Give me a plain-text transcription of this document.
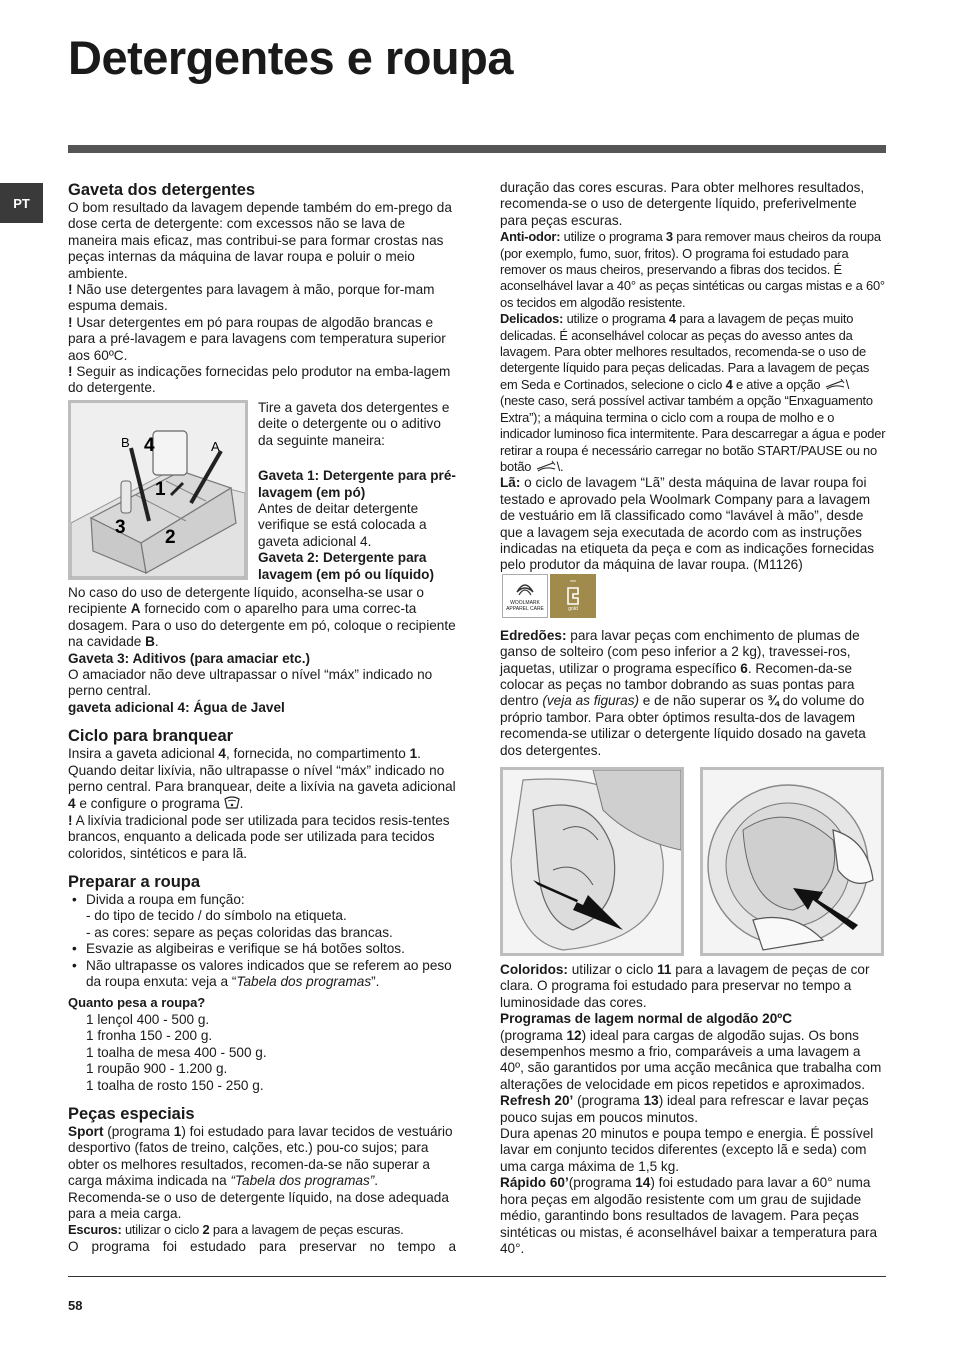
Detergentes e roupa
PT
Gaveta dos detergentes

O bom resultado da lavagem depende também do em-prego da dose certa de detergente: com excessos não se lava de maneira mais eficaz, mas contribui-se para formar crostas nas peças internas da máquina de lavar roupa e poluir o meio ambiente.

! Não use detergentes para lavagem à mão, porque for-mam espuma demais.

! Usar detergentes em pó para roupas de algodão brancas e para a pré-lavagem e para lavagens com temperatura superior aos 60ºC.

! Seguir as indicações fornecidas pelo produtor na emba-lagem do detergente.

B	A
4
1
3 2

Tire a gaveta dos detergentes e deite o detergente ou o aditivo da seguinte maneira:

Gaveta 1: Detergente para pré-lavagem (em pó)

Antes de deitar detergente verifique se está colocada a gaveta adicional 4.

Gaveta 2: Detergente para lavagem (em pó ou líquido)

No caso do uso de detergente líquido, aconselha-se usar o recipiente A fornecido com o aparelho para uma correc-ta dosagem. Para o uso do detergente em pó, coloque o recipiente na cavidade B.

Gaveta 3: Aditivos (para amaciar etc.)

O amaciador não deve ultrapassar o nível “máx” indicado no perno central.

gaveta adicional 4: Água de Javel

Ciclo para branquear

Insira a gaveta adicional 4, fornecida, no compartimento 1. Quando deitar lixívia, não ultrapasse o nível “máx” indicado no perno central. Para branquear, deite a lixívia na gaveta adicional 4 e configure o programa .

! A lixívia tradicional pode ser utilizada para tecidos resis-tentes brancos, enquanto a delicada pode ser utilizada para tecidos coloridos, sintéticos e para lã.

Preparar a roupa
• Divida a roupa em função:
- do tipo de tecido / do símbolo na etiqueta.
- as cores: separe as peças coloridas das brancas.
• Esvazie as algibeiras e verifique se há botões soltos.
• Não ultrapasse os valores indicados que se referem ao peso da roupa enxuta: veja a “Tabela dos programas”.

Quanto pesa a roupa?

1 lençol 400 - 500 g.
1 fronha 150 - 200 g.
1 toalha de mesa 400 - 500 g.
1 roupão 900 - 1.200 g.
1 toalha de rosto 150 - 250 g.
Peças especiais

Sport (programa 1) foi estudado para lavar tecidos de vestuário desportivo (fatos de treino, calções, etc.) pou-co sujos; para obter os melhores resultados, recomen-da-se não superar a carga máxima indicada na “Tabela dos programas”. Recomenda-se o uso de detergente líquido, na dose adequada para a meia carga.

Escuros: utilizar o ciclo 2 para a lavagem de peças escuras.

O programa foi estudado para preservar no tempo a

duração das cores escuras. Para obter melhores resultados, recomenda-se o uso de detergente líquido, preferivelmente para peças escuras.

Anti-odor: utilize o programa 3 para remover maus cheiros da roupa (por exemplo, fumo, suor, fritos). O programa foi estudado para remover os maus cheiros, preservando a fibras dos tecidos. É aconselhável lavar a 40° as peças sintéticas ou cargas mistas e a 60° os tecidos em algodão resistente.

Delicados: utilize o programa 4 para a lavagem de peças muito delicadas. É aconselhável colocar as peças do avesso antes da lavagem. Para obter melhores resultados, recomenda-se o uso de detergente líquido para peças delicadas. Para a lavagem de peças em Seda e Cortinados, selecione o ciclo 4 e ative a opção \ (neste caso, será possível activar também a opção “Enxaguamento Extra”); a máquina termina o ciclo com a roupa de molho e o indicador luminoso fica intermitente. Para descarregar a água e poder retirar a roupa é necessário carregar no botão START/PAUSE ou no botão \.

Lã: o ciclo de lavagem “Lã” desta máquina de lavar roupa foi testado e aprovado pela Woolmark Company para a lavagem de vestuário em lã classificado como “lavável à mão”, desde que a lavagem seja executada de acordo com as instruções indicadas na etiqueta da peça e com as indicações fornecidas pelo produtor da máquina de lavar roupa. (M1126)
WOOLMARK
APPAREL CARE
***
gold

Edredões: para lavar peças com enchimento de plumas de ganso de solteiro (com peso inferior a 2 kg), travessei-ros, jaquetas, utilizar o programa específico 6. Recomen-da-se colocar as peças no tambor dobrando as suas pontas para dentro (veja as figuras) e de não superar os ¾ do volume do próprio tambor. Para obter óptimos resulta-dos de lavagem recomenda-se utilizar o detergente líquido dosado na gaveta dos detergentes.

Coloridos: utilizar o ciclo 11 para a lavagem de peças de cor clara. O programa foi estudado para preservar no tempo a luminosidade das cores.

Programas de lagem normal de algodão 20ºC

(programa 12) ideal para cargas de algodão sujas. Os bons desempenhos mesmo a frio, comparáveis a uma lavagem a 40º, são garantidos por uma acção mecânica que trabalha com alterações de velocidade em picos repetidos e aproximados.

Refresh 20’ (programa 13) ideal para refrescar e lavar peças pouco sujas em poucos minutos.

Dura apenas 20 minutos e poupa tempo e energia. É possível lavar em conjunto tecidos diferentes (excepto lã e seda) com uma carga máxima de 1,5 kg.

Rápido 60’(programa 14) foi estudado para lavar a 60° numa hora peças em algodão resistente com um grau de sujidade médio, garantindo bons resultados de lavagem. Para peças sintéticas ou mistas, é aconselhável baixar a temperatura para 40°.

58
